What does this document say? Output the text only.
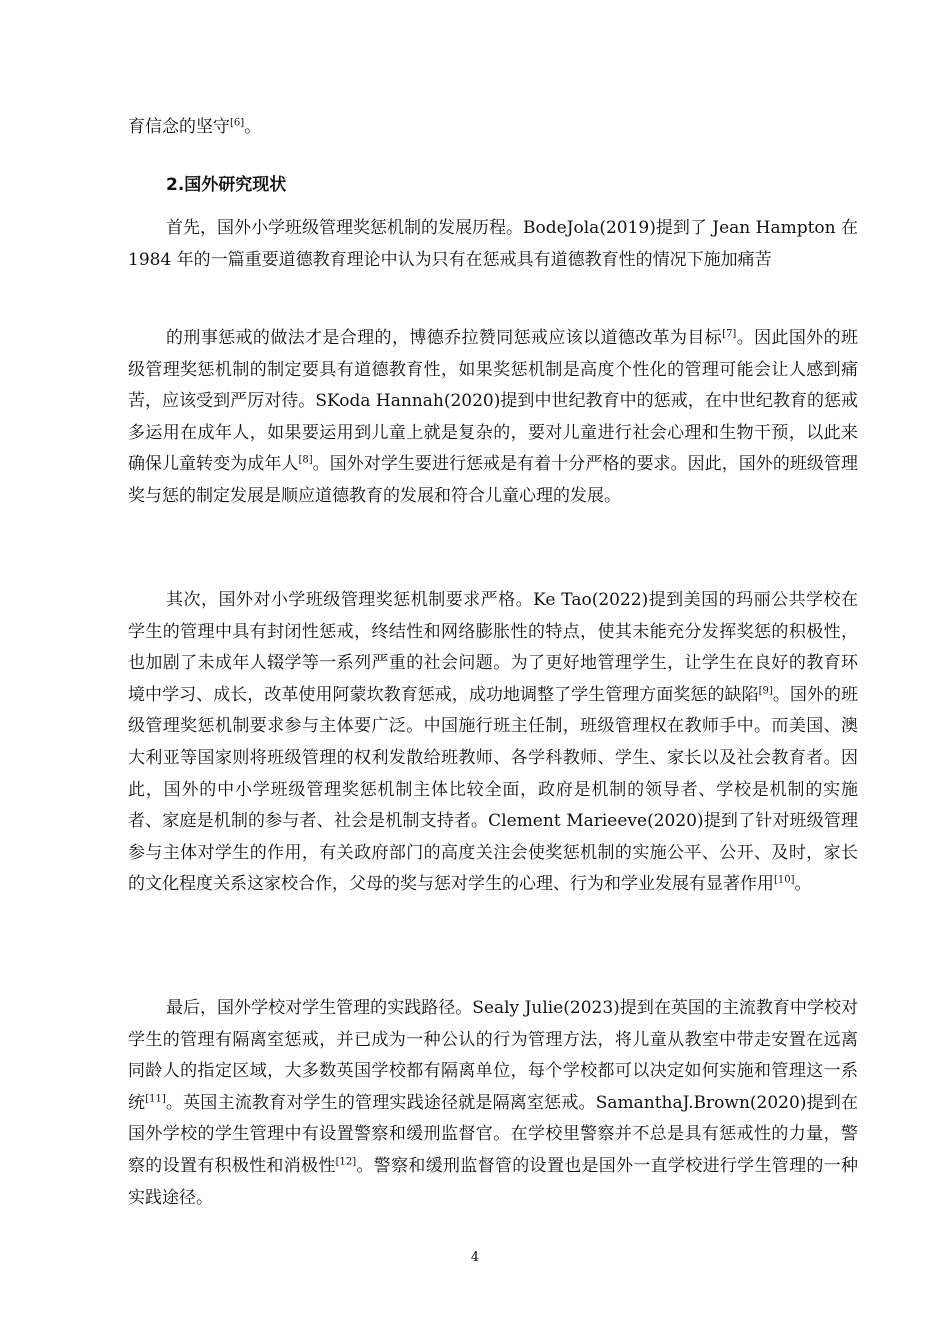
育信念的坚守[6]。

2.国外研究现状

首先，国外小学班级管理奖惩机制的发展历程。BodeJola(2019)提到了 Jean Hampton 在 1984 年的一篇重要道德教育理论中认为只有在惩戒具有道德教育性的情况下施加痛苦

的刑事惩戒的做法才是合理的，博德乔拉赞同惩戒应该以道德改革为目标[7]。因此国外的班级管理奖惩机制的制定要具有道德教育性，如果奖惩机制是高度个性化的管理可能会让人感到痛苦，应该受到严厉对待。SKoda Hannah(2020)提到中世纪教育中的惩戒，在中世纪教育的惩戒多运用在成年人，如果要运用到儿童上就是复杂的，要对儿童进行社会心理和生物干预，以此来确保儿童转变为成年人[8]。国外对学生要进行惩戒是有着十分严格的要求。因此，国外的班级管理奖与惩的制定发展是顺应道德教育的发展和符合儿童心理的发展。

其次，国外对小学班级管理奖惩机制要求严格。Ke Tao(2022)提到美国的玛丽公共学校在学生的管理中具有封闭性惩戒，终结性和网络膨胀性的特点，使其未能充分发挥奖惩的积极性，也加剧了未成年人辍学等一系列严重的社会问题。为了更好地管理学生，让学生在良好的教育环境中学习、成长，改革使用阿蒙坎教育惩戒，成功地调整了学生管理方面奖惩的缺陷[9]。国外的班级管理奖惩机制要求参与主体要广泛。中国施行班主任制，班级管理权在教师手中。而美国、澳大利亚等国家则将班级管理的权利发散给班教师、各学科教师、学生、家长以及社会教育者。因此，国外的中小学班级管理奖惩机制主体比较全面，政府是机制的领导者、学校是机制的实施者、家庭是机制的参与者、社会是机制支持者。Clement Marieeve(2020)提到了针对班级管理参与主体对学生的作用，有关政府部门的高度关注会使奖惩机制的实施公平、公开、及时，家长的文化程度关系这家校合作，父母的奖与惩对学生的心理、行为和学业发展有显著作用[10]。

最后，国外学校对学生管理的实践路径。Sealy Julie(2023)提到在英国的主流教育中学校对学生的管理有隔离室惩戒，并已成为一种公认的行为管理方法，将儿童从教室中带走安置在远离同龄人的指定区域，大多数英国学校都有隔离单位，每个学校都可以决定如何实施和管理这一系统[11]。英国主流教育对学生的管理实践途径就是隔离室惩戒。SamanthaJ.Brown(2020)提到在国外学校的学生管理中有设置警察和缓刑监督官。在学校里警察并不总是具有惩戒性的力量，警察的设置有积极性和消极性[12]。警察和缓刑监督管的设置也是国外一直学校进行学生管理的一种实践途径。

4
